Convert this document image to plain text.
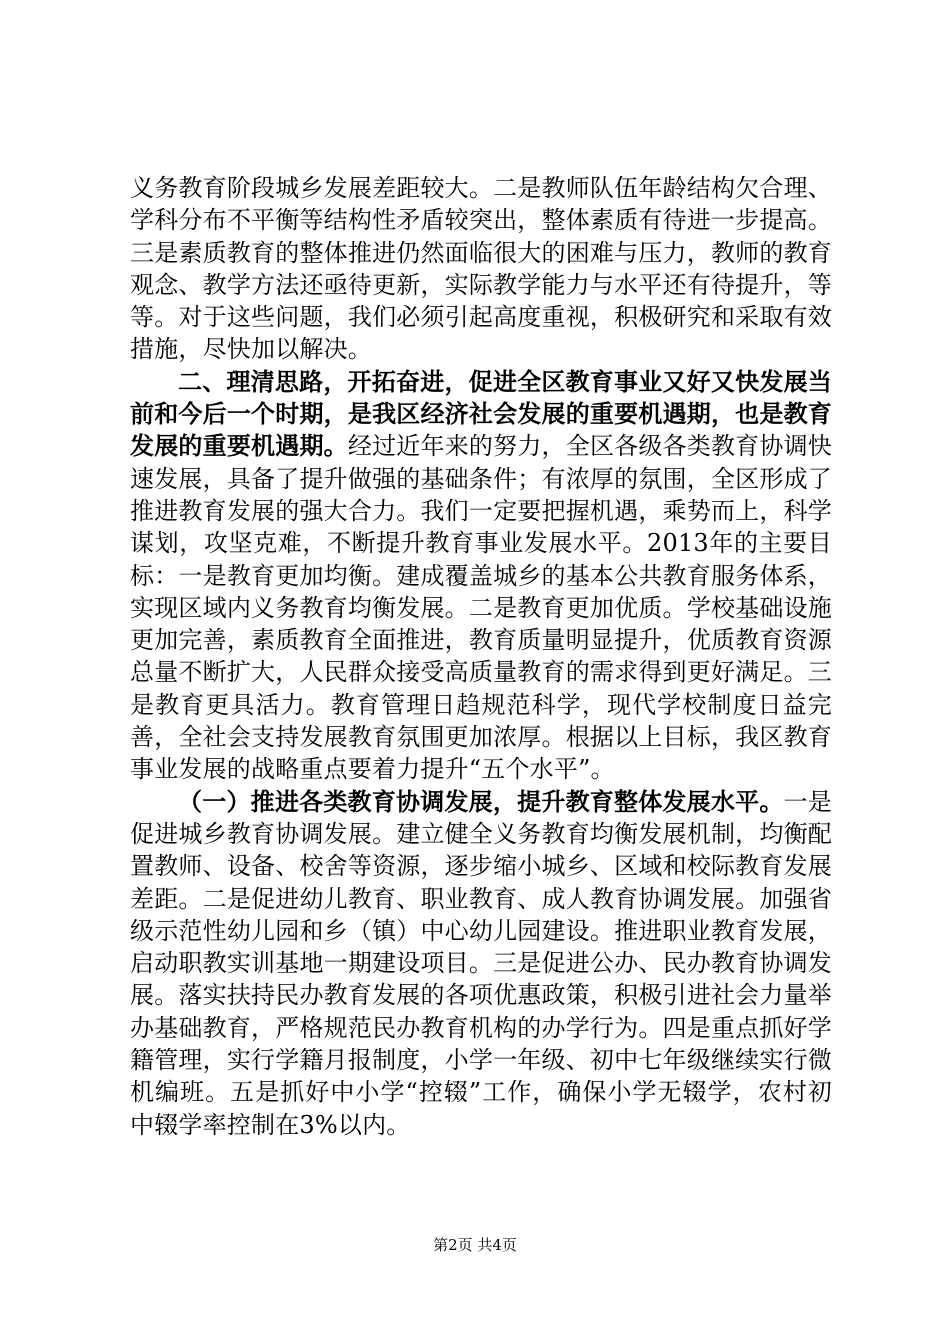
义务教育阶段城乡发展差距较大。二是教师队伍年龄结构欠合理、学科分布不平衡等结构性矛盾较突出，整体素质有待进一步提高。三是素质教育的整体推进仍然面临很大的困难与压力，教师的教育观念、教学方法还亟待更新，实际教学能力与水平还有待提升，等等。对于这些问题，我们必须引起高度重视，积极研究和采取有效措施，尽快加以解决。

二、理清思路，开拓奋进，促进全区教育事业又好又快发展当前和今后一个时期，是我区经济社会发展的重要机遇期，也是教育发展的重要机遇期。经过近年来的努力，全区各级各类教育协调快速发展，具备了提升做强的基础条件；有浓厚的氛围，全区形成了推进教育发展的强大合力。我们一定要把握机遇，乘势而上，科学谋划，攻坚克难，不断提升教育事业发展水平。2013年的主要目标：一是教育更加均衡。建成覆盖城乡的基本公共教育服务体系，实现区域内义务教育均衡发展。二是教育更加优质。学校基础设施更加完善，素质教育全面推进，教育质量明显提升，优质教育资源总量不断扩大，人民群众接受高质量教育的需求得到更好满足。三是教育更具活力。教育管理日趋规范科学，现代学校制度日益完善，全社会支持发展教育氛围更加浓厚。根据以上目标，我区教育事业发展的战略重点要着力提升“五个水平”。

（一）推进各类教育协调发展，提升教育整体发展水平。一是促进城乡教育协调发展。建立健全义务教育均衡发展机制，均衡配置教师、设备、校舍等资源，逐步缩小城乡、区域和校际教育发展差距。二是促进幼儿教育、职业教育、成人教育协调发展。加强省级示范性幼儿园和乡（镇）中心幼儿园建设。推进职业教育发展，启动职教实训基地一期建设项目。三是促进公办、民办教育协调发展。落实扶持民办教育发展的各项优惠政策，积极引进社会力量举办基础教育，严格规范民办教育机构的办学行为。四是重点抓好学籍管理，实行学籍月报制度，小学一年级、初中七年级继续实行微机编班。五是抓好中小学“控辍”工作，确保小学无辍学，农村初中辍学率控制在3%以内。

第2页 共4页
